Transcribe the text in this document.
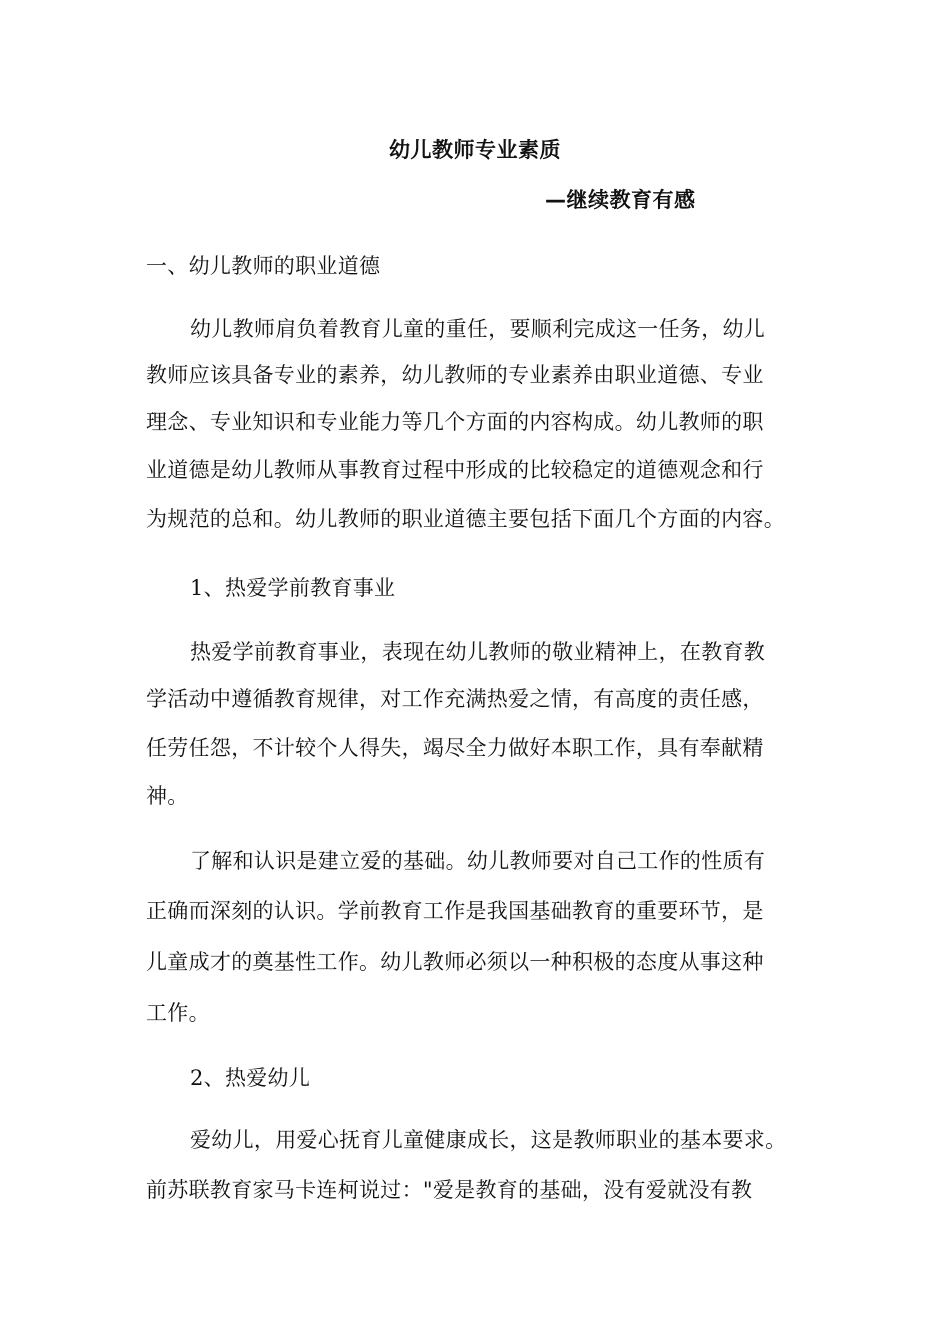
幼儿教师专业素质
—继续教育有感
一、幼儿教师的职业道德
幼儿教师肩负着教育儿童的重任，要顺利完成这一任务，幼儿
教师应该具备专业的素养，幼儿教师的专业素养由职业道德、专业
理念、专业知识和专业能力等几个方面的内容构成。幼儿教师的职
业道德是幼儿教师从事教育过程中形成的比较稳定的道德观念和行
为规范的总和。幼儿教师的职业道德主要包括下面几个方面的内容。
1、热爱学前教育事业
热爱学前教育事业，表现在幼儿教师的敬业精神上，在教育教
学活动中遵循教育规律，对工作充满热爱之情，有高度的责任感，
任劳任怨，不计较个人得失，竭尽全力做好本职工作，具有奉献精
神。
了解和认识是建立爱的基础。幼儿教师要对自己工作的性质有
正确而深刻的认识。学前教育工作是我国基础教育的重要环节，是
儿童成才的奠基性工作。幼儿教师必须以一种积极的态度从事这种
工作。
2、热爱幼儿
爱幼儿，用爱心抚育儿童健康成长，这是教师职业的基本要求。
前苏联教育家马卡连柯说过："爱是教育的基础，没有爱就没有教
